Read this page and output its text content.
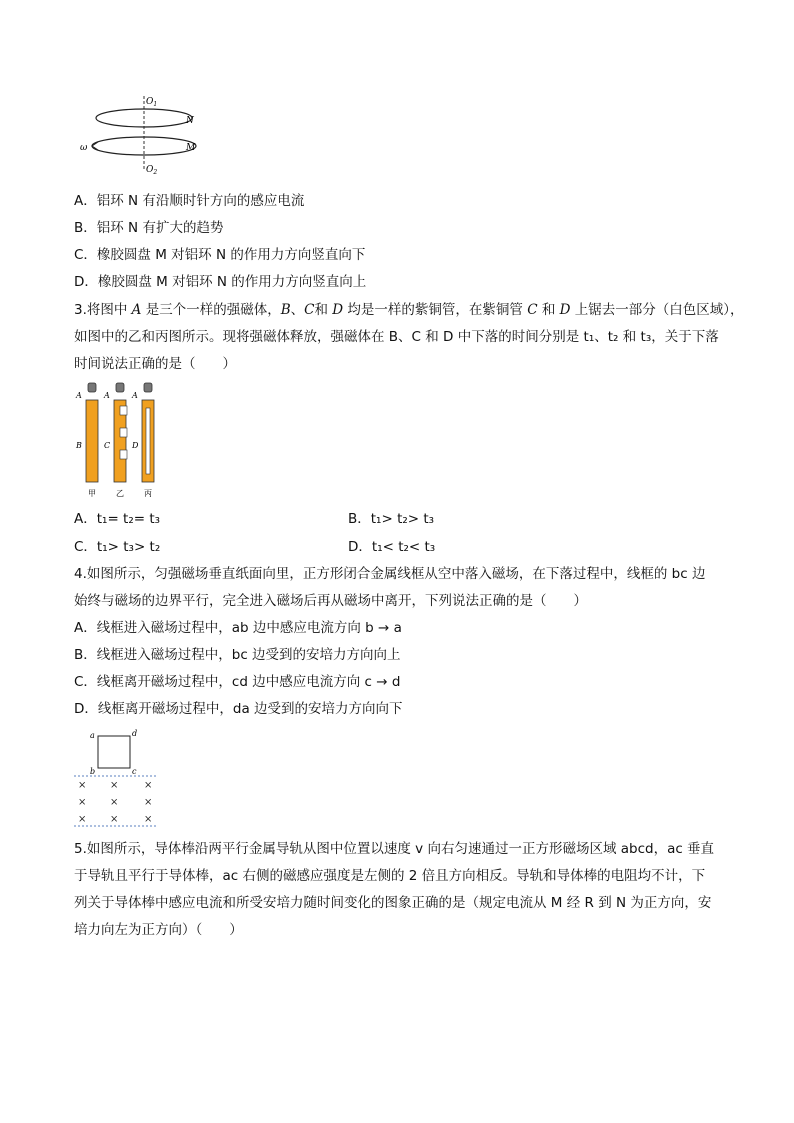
$O_1$
$O_2$
N
M
ω
A．铝环 N 有沿顺时针方向的感应电流
B．铝环 N 有扩大的趋势
C．橡胶圆盘 M 对铝环 N 的作用力方向竖直向下
D．橡胶圆盘 M 对铝环 N 的作用力方向竖直向上
3.将图中 A 是三个一样的强磁体，B、C和 D 均是一样的紫铜管，在紫铜管 C 和 D 上锯去一部分（白色区域），
如图中的乙和丙图所示。现将强磁体释放，强磁体在 B、C 和 D 中下落的时间分别是 t₁、t₂ 和 t₃，关于下落
时间说法正确的是（　　）
A	A	A
B	C	D
甲	乙	丙
A．t₁= t₂= t₃	B．t₁> t₂> t₃
C．t₁> t₃> t₂	D．t₁< t₂< t₃
4.如图所示，匀强磁场垂直纸面向里，正方形闭合金属线框从空中落入磁场，在下落过程中，线框的 bc 边
始终与磁场的边界平行，完全进入磁场后再从磁场中离开，下列说法正确的是（　　）
A．线框进入磁场过程中，ab 边中感应电流方向 b → a
B．线框进入磁场过程中，bc 边受到的安培力方向向上
C．线框离开磁场过程中，cd 边中感应电流方向 c → d
D．线框离开磁场过程中，da 边受到的安培力方向向下
a	d
b	c
× ×	×
× ×	×
× ×	×
5.如图所示，导体棒沿两平行金属导轨从图中位置以速度 v 向右匀速通过一正方形磁场区域 abcd，ac 垂直
于导轨且平行于导体棒，ac 右侧的磁感应强度是左侧的 2 倍且方向相反。导轨和导体棒的电阻均不计，下
列关于导体棒中感应电流和所受安培力随时间变化的图象正确的是（规定电流从 M 经 R 到 N 为正方向，安
培力向左为正方向）（　　）
